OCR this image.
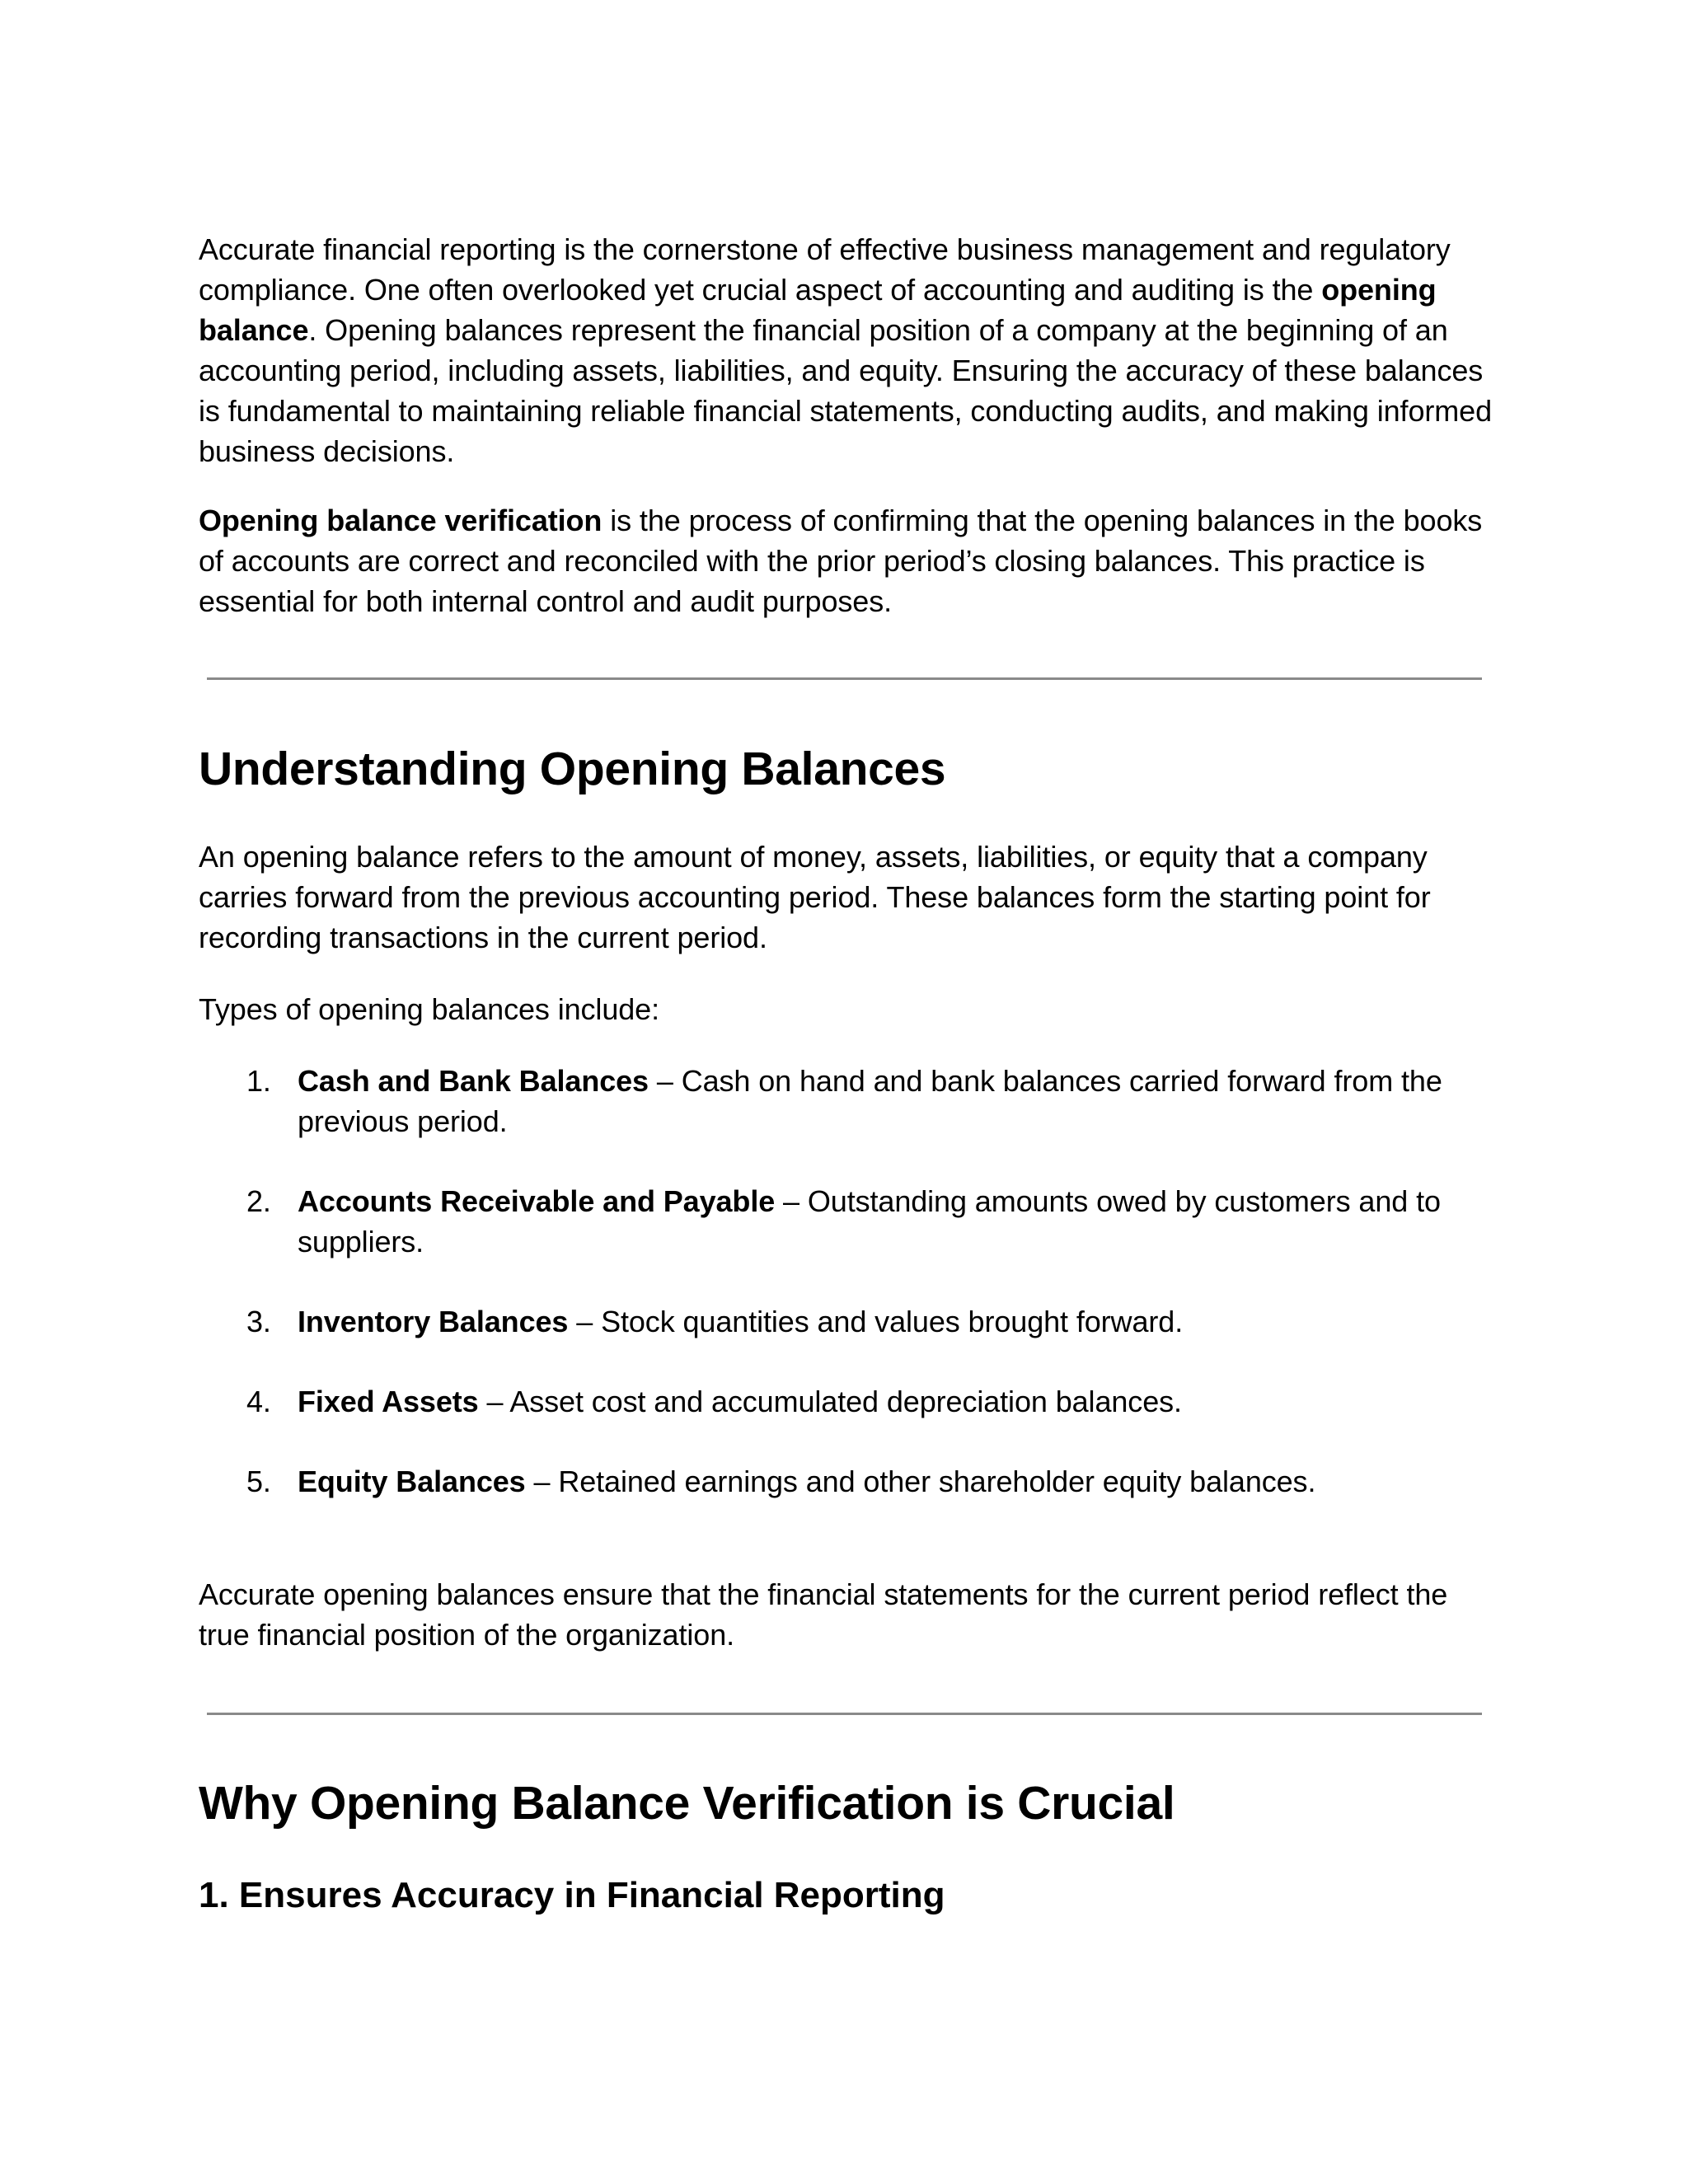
Accurate financial reporting is the cornerstone of effective business management and regulatory compliance. One often overlooked yet crucial aspect of accounting and auditing is the opening balance. Opening balances represent the financial position of a company at the beginning of an accounting period, including assets, liabilities, and equity. Ensuring the accuracy of these balances is fundamental to maintaining reliable financial statements, conducting audits, and making informed business decisions.

Opening balance verification is the process of confirming that the opening balances in the books of accounts are correct and reconciled with the prior period’s closing balances. This practice is essential for both internal control and audit purposes.

Understanding Opening Balances

An opening balance refers to the amount of money, assets, liabilities, or equity that a company carries forward from the previous accounting period. These balances form the starting point for recording transactions in the current period.

Types of opening balances include:

1. Cash and Bank Balances – Cash on hand and bank balances carried forward from the previous period.
2. Accounts Receivable and Payable – Outstanding amounts owed by customers and to suppliers.
3. Inventory Balances – Stock quantities and values brought forward.
4. Fixed Assets – Asset cost and accumulated depreciation balances.
5. Equity Balances – Retained earnings and other shareholder equity balances.

Accurate opening balances ensure that the financial statements for the current period reflect the true financial position of the organization.

Why Opening Balance Verification is Crucial
1. Ensures Accuracy in Financial Reporting
